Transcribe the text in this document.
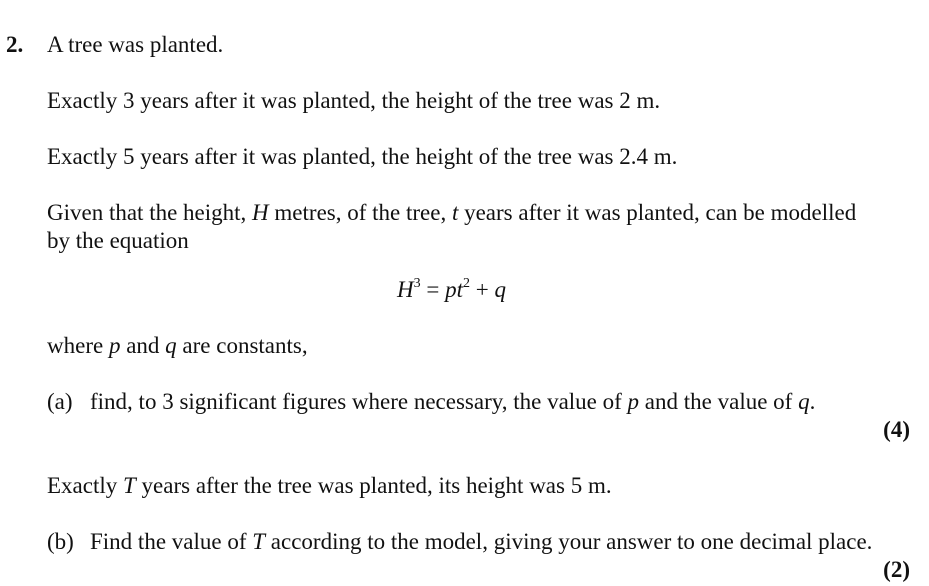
2. A tree was planted.

Exactly 3 years after it was planted, the height of the tree was 2 m.

Exactly 5 years after it was planted, the height of the tree was 2.4 m.

Given that the height, H metres, of the tree, t years after it was planted, can be modelled

by the equation

$H^3 = pt^2 + q$

where p and q are constants,

(a) find, to 3 significant figures where necessary, the value of p and the value of q.
(4)

Exactly T years after the tree was planted, its height was 5 m.

(b) Find the value of T according to the model, giving your answer to one decimal place.
(2)
